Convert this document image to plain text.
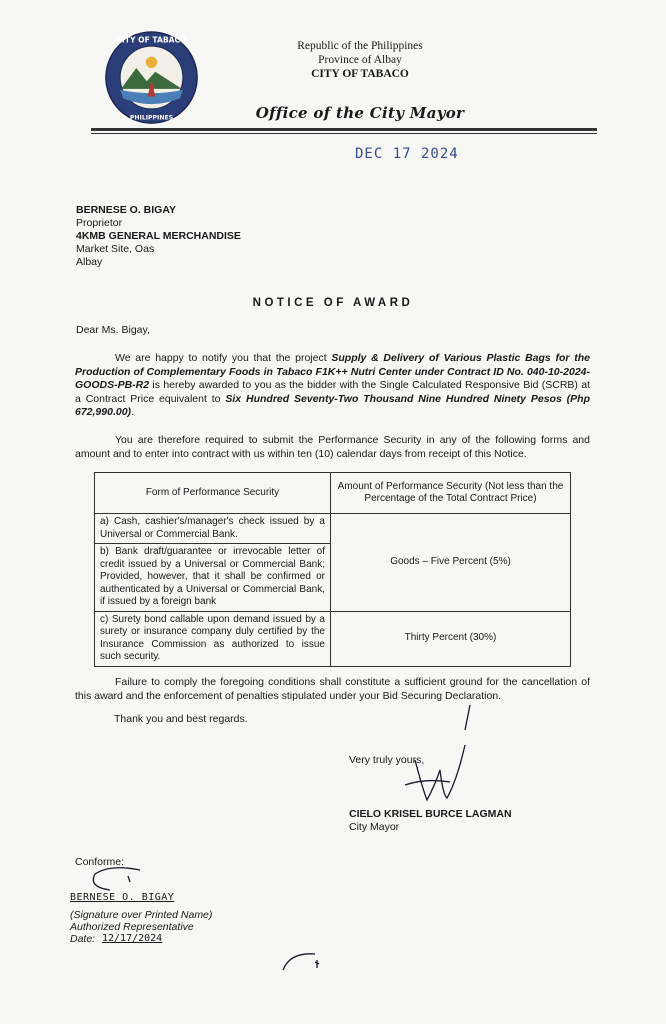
CITY OF TABACO
PHILIPPINES
Republic of the Philippines
Province of Albay
CITY OF TABACO
Office of the City Mayor
DEC 17 2024
BERNESE O. BIGAY
Proprietor
4KMB GENERAL MERCHANDISE
Market Site, Oas
Albay
NOTICE OF AWARD
Dear Ms. Bigay,
We are happy to notify you that the project Supply & Delivery of Various Plastic Bags for the Production of Complementary Foods in Tabaco F1K++ Nutri Center under Contract ID No. 040-10-2024-GOODS-PB-R2 is hereby awarded to you as the bidder with the Single Calculated Responsive Bid (SCRB) at a Contract Price equivalent to Six Hundred Seventy-Two Thousand Nine Hundred Ninety Pesos (Php 672,990.00).
You are therefore required to submit the Performance Security in any of the following forms and amount and to enter into contract with us within ten (10) calendar days from receipt of this Notice.
Form of Performance Security	Amount of Performance Security (Not less than the Percentage of the Total Contract Price)
a) Cash, cashier's/manager's check issued by a Universal or Commercial Bank.	Goods – Five Percent (5%)
b) Bank draft/guarantee or irrevocable letter of credit issued by a Universal or Commercial Bank; Provided, however, that it shall be confirmed or authenticated by a Universal or Commercial Bank, if issued by a foreign bank	
c) Surety bond callable upon demand issued by a surety or insurance company duly certified by the Insurance Commission as authorized to issue such security.	Thirty Percent (30%)
Failure to comply the foregoing conditions shall constitute a sufficient ground for the cancellation of this award and the enforcement of penalties stipulated under your Bid Securing Declaration.
Thank you and best regards.
Very truly yours,
CIELO KRISEL BURCE LAGMAN
City Mayor
Conforme:
BERNESE O. BIGAY
(Signature over Printed Name)
Authorized Representative
Date: 12/17/2024
